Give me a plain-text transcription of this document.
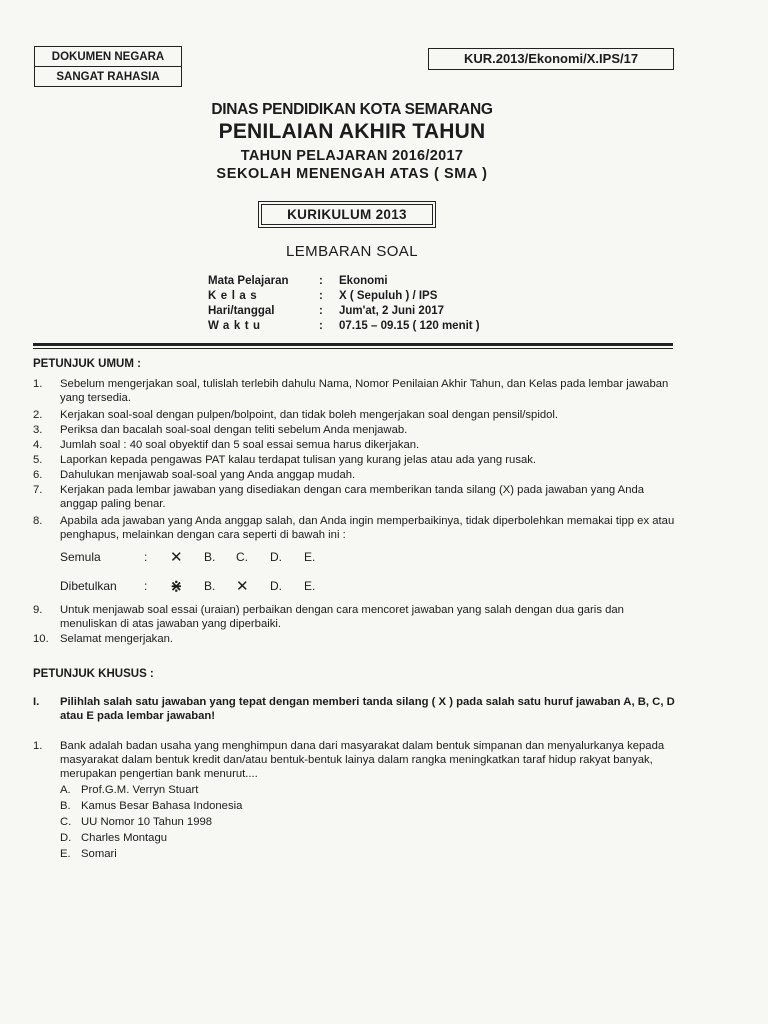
DOKUMEN NEGARA
SANGAT RAHASIA
KUR.2013/Ekonomi/X.IPS/17
DINAS PENDIDIKAN KOTA SEMARANG
PENILAIAN AKHIR TAHUN
TAHUN PELAJARAN 2016/2017
SEKOLAH MENENGAH ATAS ( SMA )
KURIKULUM 2013
LEMBARAN SOAL
Mata Pelajaran	: Ekonomi
Kelas	: X ( Sepuluh ) / IPS
Hari/tanggal	: Jum'at, 2 Juni 2017
Waktu	: 07.15 – 09.15 ( 120 menit )
PETUNJUK UMUM :
1. Sebelum mengerjakan soal, tulislah terlebih dahulu Nama, Nomor Penilaian Akhir Tahun, dan Kelas pada lembar jawaban yang tersedia.
2. Kerjakan soal-soal dengan pulpen/bolpoint, dan tidak boleh mengerjakan soal dengan pensil/spidol.
3. Periksa dan bacalah soal-soal dengan teliti sebelum Anda menjawab.
4. Jumlah soal : 40 soal obyektif dan 5 soal essai semua harus dikerjakan.
5. Laporkan kepada pengawas PAT kalau terdapat tulisan yang kurang jelas atau ada yang rusak.
6. Dahulukan menjawab soal-soal yang Anda anggap mudah.
7. Kerjakan pada lembar jawaban yang disediakan dengan cara memberikan tanda silang (X) pada jawaban yang Anda anggap paling benar.
8. Apabila ada jawaban yang Anda anggap salah, dan Anda ingin memperbaikinya, tidak diperbolehkan memakai tipp ex atau penghapus, melainkan dengan cara seperti di bawah ini :
Semula	: ✕ B. C. D. E.
Dibetulkan : ⋇ B. ✕ D. E.
9. Untuk menjawab soal essai (uraian) perbaikan dengan cara mencoret jawaban yang salah dengan dua garis dan menuliskan di atas jawaban yang diperbaiki.
10. Selamat mengerjakan.
PETUNJUK KHUSUS :
I. Pilihlah salah satu jawaban yang tepat dengan memberi tanda silang ( X ) pada salah satu huruf jawaban A, B, C, D atau E pada lembar jawaban!
1. Bank adalah badan usaha yang menghimpun dana dari masyarakat dalam bentuk simpanan dan menyalurkanya kepada masyarakat dalam bentuk kredit dan/atau bentuk-bentuk lainya dalam rangka meningkatkan taraf hidup rakyat banyak, merupakan pengertian bank menurut....
A. Prof.G.M. Verryn Stuart
B. Kamus Besar Bahasa Indonesia
C. UU Nomor 10 Tahun 1998
D. Charles Montagu
E. Somari
